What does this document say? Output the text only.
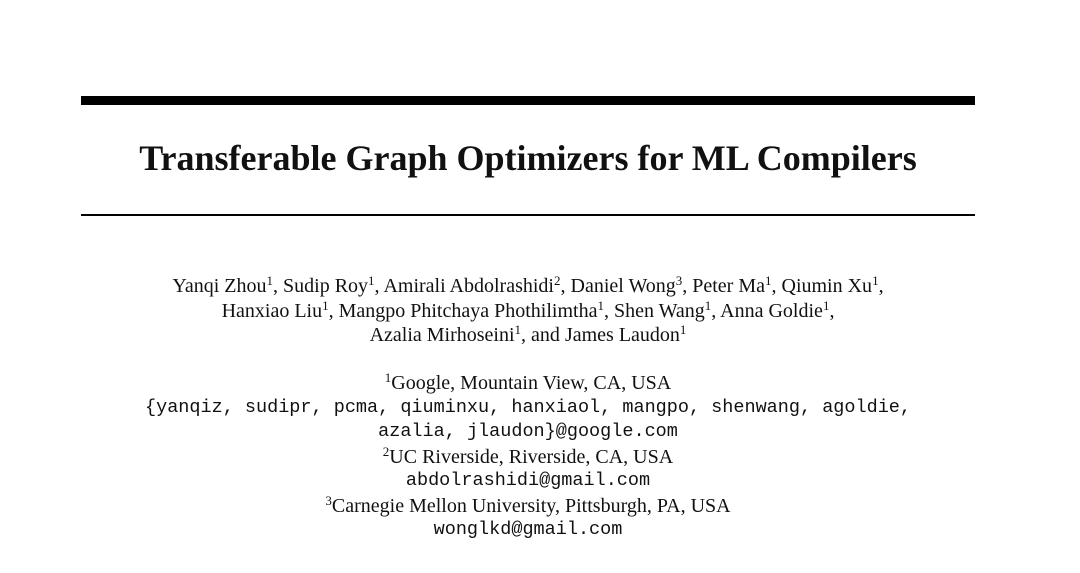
Transferable Graph Optimizers for ML Compilers
Yanqi Zhou$^1$, Sudip Roy$^1$, Amirali Abdolrashidi$^2$, Daniel Wong$^3$, Peter Ma$^1$, Qiumin Xu$^1$,
Hanxiao Liu$^1$, Mangpo Phitchaya Phothilimtha$^1$, Shen Wang$^1$, Anna Goldie$^1$,
Azalia Mirhoseini$^1$, and James Laudon$^1$
$^1$Google, Mountain View, CA, USA
{yanqiz, sudipr, pcma, qiuminxu, hanxiaol, mangpo, shenwang, agoldie,
azalia, jlaudon}@google.com
$^2$UC Riverside, Riverside, CA, USA
abdolrashidi@gmail.com
$^3$Carnegie Mellon University, Pittsburgh, PA, USA
wonglkd@gmail.com
